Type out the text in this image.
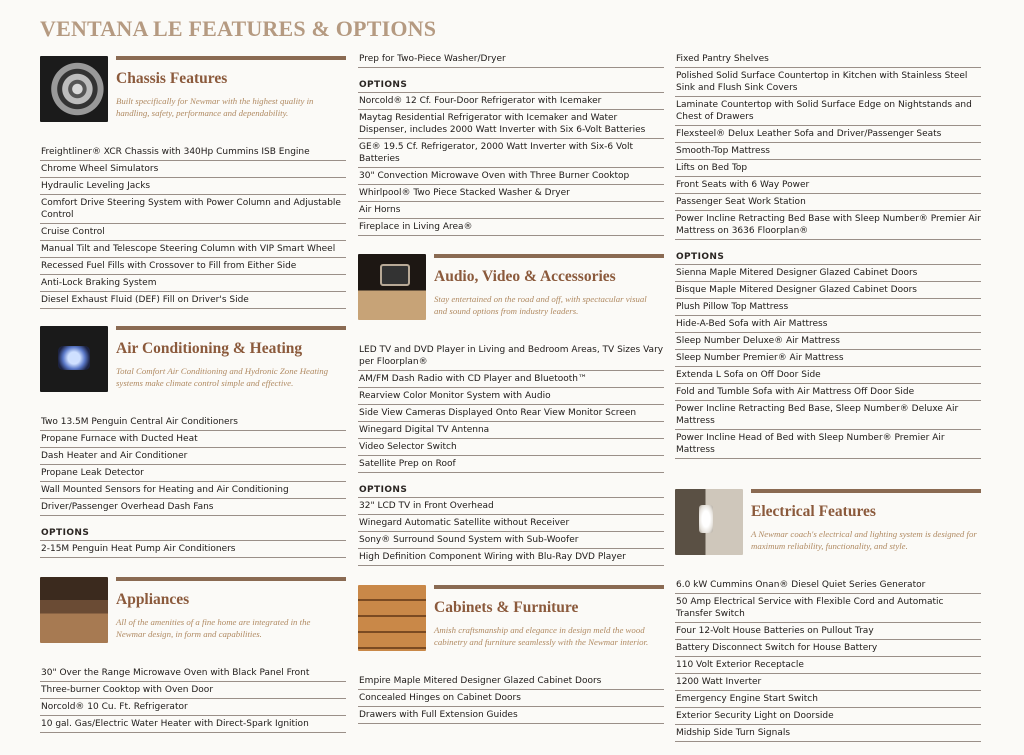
VENTANA LE FEATURES & OPTIONS
Chassis Features
Built specifically for Newmar with the highest quality in handling, safety, performance and dependability.
Freightliner® XCR Chassis with 340Hp Cummins ISB Engine
Chrome Wheel Simulators
Hydraulic Leveling Jacks
Comfort Drive Steering System with Power Column and Adjustable Control
Cruise Control
Manual Tilt and Telescope Steering Column with VIP Smart Wheel
Recessed Fuel Fills with Crossover to Fill from Either Side
Anti-Lock Braking System
Diesel Exhaust Fluid (DEF) Fill on Driver's Side
Air Conditioning & Heating
Total Comfort Air Conditioning and Hydronic Zone Heating systems make climate control simple and effective.
Two 13.5M Penguin Central Air Conditioners
Propane Furnace with Ducted Heat
Dash Heater and Air Conditioner
Propane Leak Detector
Wall Mounted Sensors for Heating and Air Conditioning
Driver/Passenger Overhead Dash Fans
OPTIONS
2-15M Penguin Heat Pump Air Conditioners
Appliances
All of the amenities of a fine home are integrated in the Newmar design, in form and capabilities.
30" Over the Range Microwave Oven with Black Panel Front
Three-burner Cooktop with Oven Door
Norcold® 10 Cu. Ft. Refrigerator
10 gal. Gas/Electric Water Heater with Direct-Spark Ignition
Prep for Two-Piece Washer/Dryer
OPTIONS
Norcold® 12 Cf. Four-Door Refrigerator with Icemaker
Maytag Residential Refrigerator with Icemaker and Water Dispenser, includes 2000 Watt Inverter with Six 6-Volt Batteries
GE® 19.5 Cf. Refrigerator, 2000 Watt Inverter with Six-6 Volt Batteries
30" Convection Microwave Oven with Three Burner Cooktop
Whirlpool® Two Piece Stacked Washer & Dryer
Air Horns
Fireplace in Living Area®
Audio, Video & Accessories
Stay entertained on the road and off, with spectacular visual and sound options from industry leaders.
LED TV and DVD Player in Living and Bedroom Areas, TV Sizes Vary per Floorplan®
AM/FM Dash Radio with CD Player and Bluetooth™
Rearview Color Monitor System with Audio
Side View Cameras Displayed Onto Rear View Monitor Screen
Winegard Digital TV Antenna
Video Selector Switch
Satellite Prep on Roof
OPTIONS
32" LCD TV in Front Overhead
Winegard Automatic Satellite without Receiver
Sony® Surround Sound System with Sub-Woofer
High Definition Component Wiring with Blu-Ray DVD Player
Cabinets & Furniture
Amish craftsmanship and elegance in design meld the wood cabinetry and furniture seamlessly with the Newmar interior.
Empire Maple Mitered Designer Glazed Cabinet Doors
Concealed Hinges on Cabinet Doors
Drawers with Full Extension Guides
Fixed Pantry Shelves
Polished Solid Surface Countertop in Kitchen with Stainless Steel Sink and Flush Sink Covers
Laminate Countertop with Solid Surface Edge on Nightstands and Chest of Drawers
Flexsteel® Delux Leather Sofa and Driver/Passenger Seats
Smooth-Top Mattress
Lifts on Bed Top
Front Seats with 6 Way Power
Passenger Seat Work Station
Power Incline Retracting Bed Base with Sleep Number® Premier Air Mattress on 3636 Floorplan®
OPTIONS
Sienna Maple Mitered Designer Glazed Cabinet Doors
Bisque Maple Mitered Designer Glazed Cabinet Doors
Plush Pillow Top Mattress
Hide-A-Bed Sofa with Air Mattress
Sleep Number Deluxe® Air Mattress
Sleep Number Premier® Air Mattress
Extenda L Sofa on Off Door Side
Fold and Tumble Sofa with Air Mattress Off Door Side
Power Incline Retracting Bed Base, Sleep Number® Deluxe Air Mattress
Power Incline Head of Bed with Sleep Number® Premier Air Mattress
Electrical Features
A Newmar coach's electrical and lighting system is designed for maximum reliability, functionality, and style.
6.0 kW Cummins Onan® Diesel Quiet Series Generator
50 Amp Electrical Service with Flexible Cord and Automatic Transfer Switch
Four 12-Volt House Batteries on Pullout Tray
Battery Disconnect Switch for House Battery
110 Volt Exterior Receptacle
1200 Watt Inverter
Emergency Engine Start Switch
Exterior Security Light on Doorside
Midship Side Turn Signals
